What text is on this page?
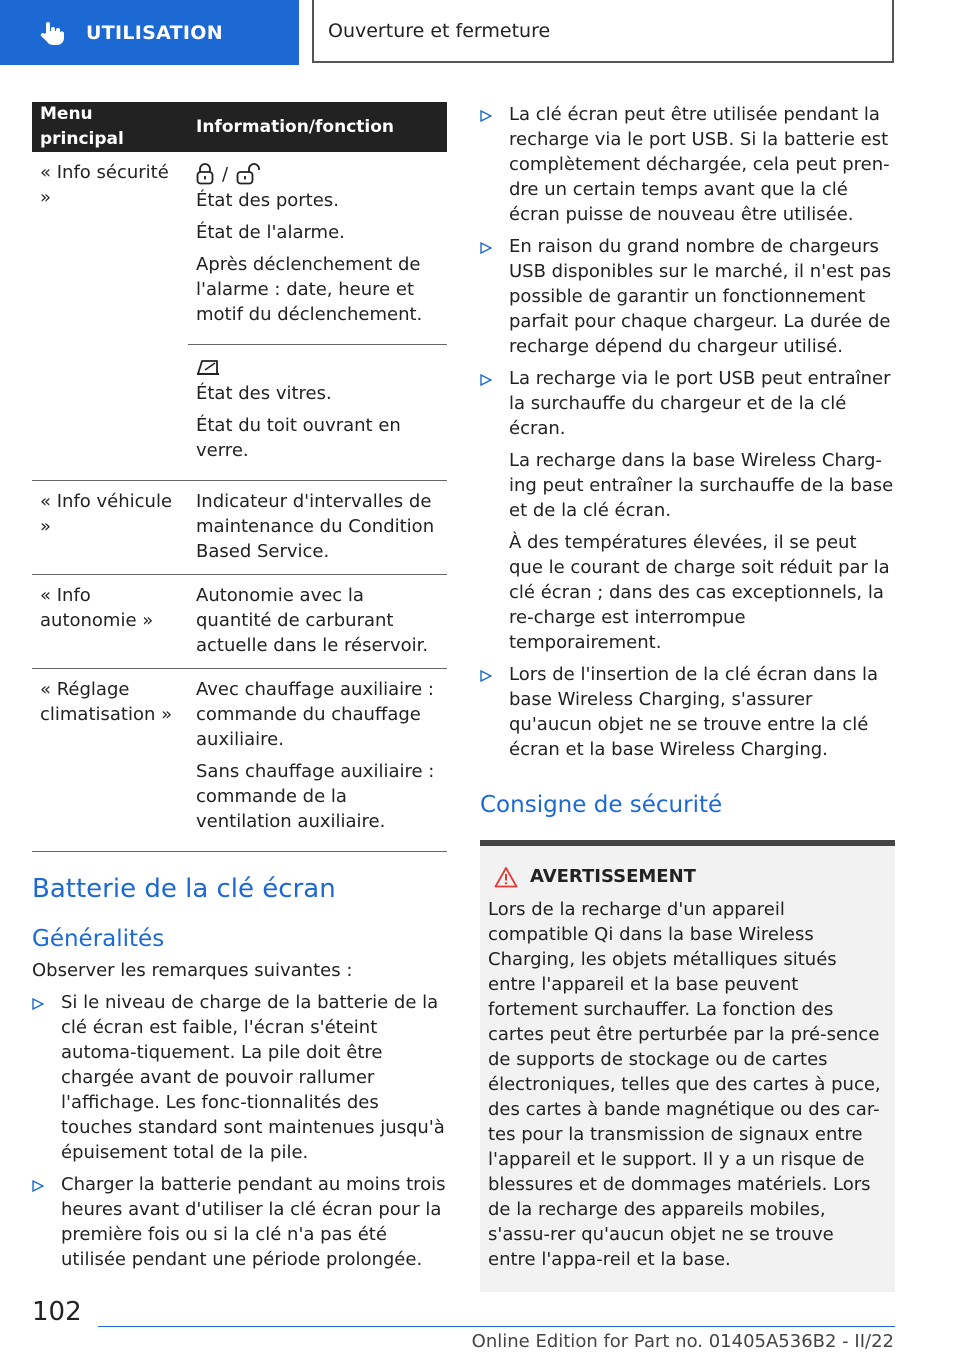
UTILISATION	Ouverture et fermeture
Menu principal	Information/fonction
« Info sécurité »	/

État des portes.

État de l'alarme.

Après déclenchement de l'alarme : date, heure et motif du déclenchement.

	État des vitres.

État du toit ouvrant en verre.

« Info véhicule »	Indicateur d'intervalles de maintenance du Condition Based Service.
« Info autonomie »	Autonomie avec la quantité de carburant actuelle dans le réservoir.
« Réglage climatisation »	Avec chauffage auxiliaire : commande du chauffage auxiliaire.

Sans chauffage auxiliaire : commande de la ventilation auxiliaire.

Batterie de la clé écran
Généralités
Observer les remarques suivantes :
Si le niveau de charge de la batterie de la clé écran est faible, l'écran s'éteint automa-tiquement. La pile doit être chargée avant de pouvoir rallumer l'affichage. Les fonc-tionnalités des touches standard sont maintenues jusqu'à épuisement total de la pile.
Charger la batterie pendant au moins trois heures avant d'utiliser la clé écran pour la première fois ou si la clé n'a pas été utilisée pendant une période prolongée.
La clé écran peut être utilisée pendant la recharge via le port USB. Si la batterie est complètement déchargée, cela peut pren-dre un certain temps avant que la clé écran puisse de nouveau être utilisée.
En raison du grand nombre de chargeurs USB disponibles sur le marché, il n'est pas possible de garantir un fonctionnement parfait pour chaque chargeur. La durée de recharge dépend du chargeur utilisé.

La recharge via le port USB peut entraîner la surchauffe du chargeur et de la clé écran.

La recharge dans la base Wireless Charg-ing peut entraîner la surchauffe de la base et de la clé écran.

À des températures élevées, il se peut que le courant de charge soit réduit par la clé écran ; dans des cas exceptionnels, la re-charge est interrompue temporairement.

Lors de l'insertion de la clé écran dans la base Wireless Charging, s'assurer qu'aucun objet ne se trouve entre la clé écran et la base Wireless Charging.
Consigne de sécurité
AVERTISSEMENT
Lors de la recharge d'un appareil compatible Qi dans la base Wireless Charging, les objets métalliques situés entre l'appareil et la base peuvent fortement surchauffer. La fonction des cartes peut être perturbée par la pré-sence de supports de stockage ou de cartes électroniques, telles que des cartes à puce, des cartes à bande magnétique ou des car-tes pour la transmission de signaux entre l'appareil et le support. Il y a un risque de blessures et de dommages matériels. Lors de la recharge des appareils mobiles, s'assu-rer qu'aucun objet ne se trouve entre l'appa-reil et la base.
102
Online Edition for Part no. 01405A536B2 - II/22
